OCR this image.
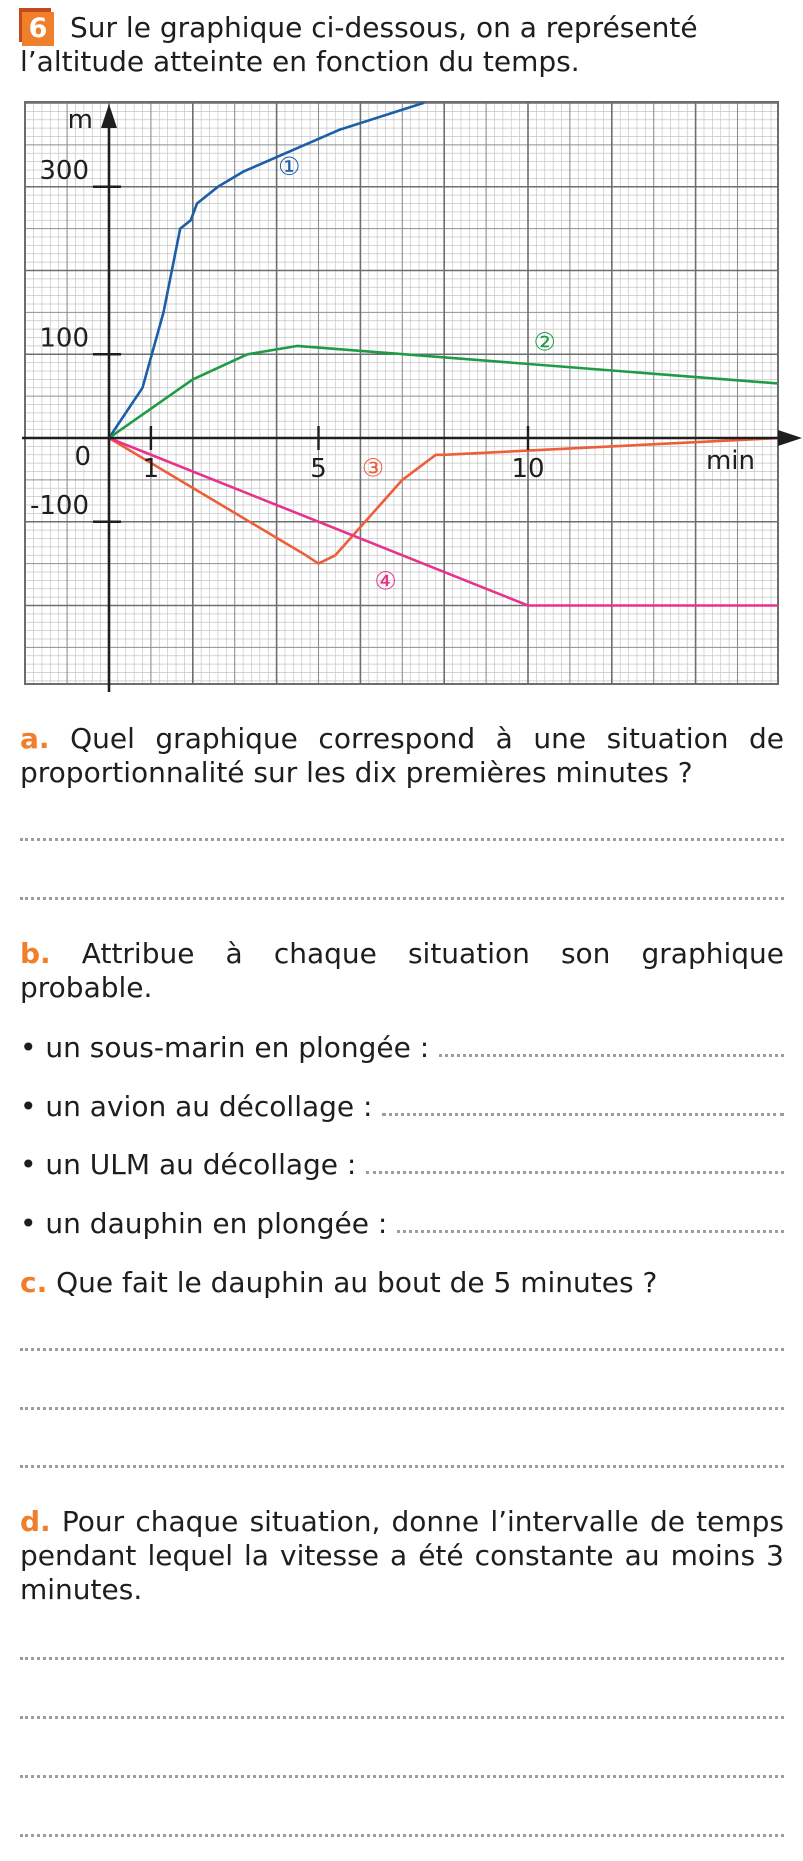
6 Sur le graphique ci-dessous, on a représenté

l’altitude atteinte en fonction du temps.
1	5	10
300
100
-100
0
m
min
①
②
③
④

a. Quel graphique correspond à une situation de proportionnalité sur les dix premières minutes ?

b. Attribue à chaque situation son graphique probable.

• un sous-marin en plongée :
• un avion au décollage :
• un ULM au décollage :
• un dauphin en plongée :

c. Que fait le dauphin au bout de 5 minutes ?

d. Pour chaque situation, donne l’intervalle de temps pendant lequel la vitesse a été constante au moins 3 minutes.
